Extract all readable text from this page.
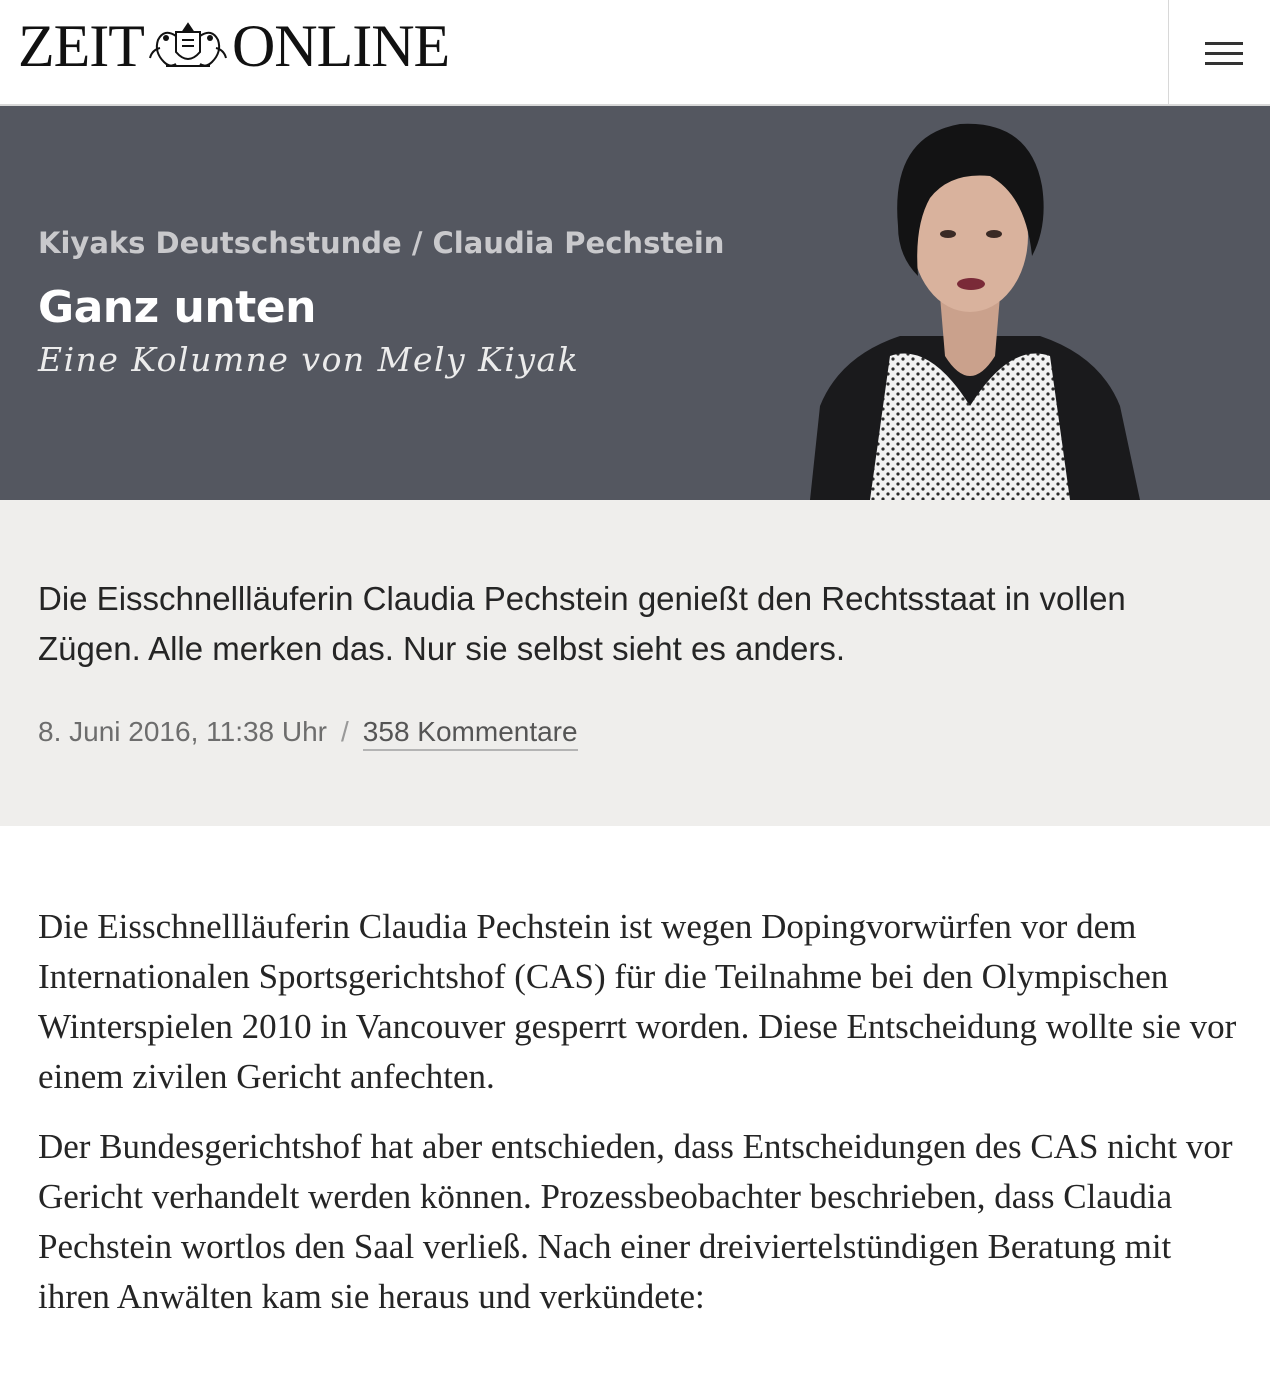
ZEIT ONLINE
Kiyaks Deutschstunde / Claudia Pechstein
Ganz unten
Eine Kolumne von Mely Kiyak

Die Eisschnellläuferin Claudia Pechstein genießt den Rechtsstaat in vollen Zügen. Alle merken das. Nur sie selbst sieht es anders.

8. Juni 2016, 11:38 Uhr / 358 Kommentare

Die Eisschnellläuferin Claudia Pechstein ist wegen Dopingvorwürfen vor dem Internationalen Sportsgerichtshof (CAS) für die Teilnahme bei den Olympischen Winterspielen 2010 in Vancouver gesperrt worden. Diese Entscheidung wollte sie vor einem zivilen Gericht anfechten.

Der Bundesgerichtshof hat aber entschieden, dass Entscheidungen des CAS nicht vor Gericht verhandelt werden können. Prozessbeobachter beschrieben, dass Claudia Pechstein wortlos den Saal verließ. Nach einer dreiviertelstündigen Beratung mit ihren Anwälten kam sie heraus und verkündete:
